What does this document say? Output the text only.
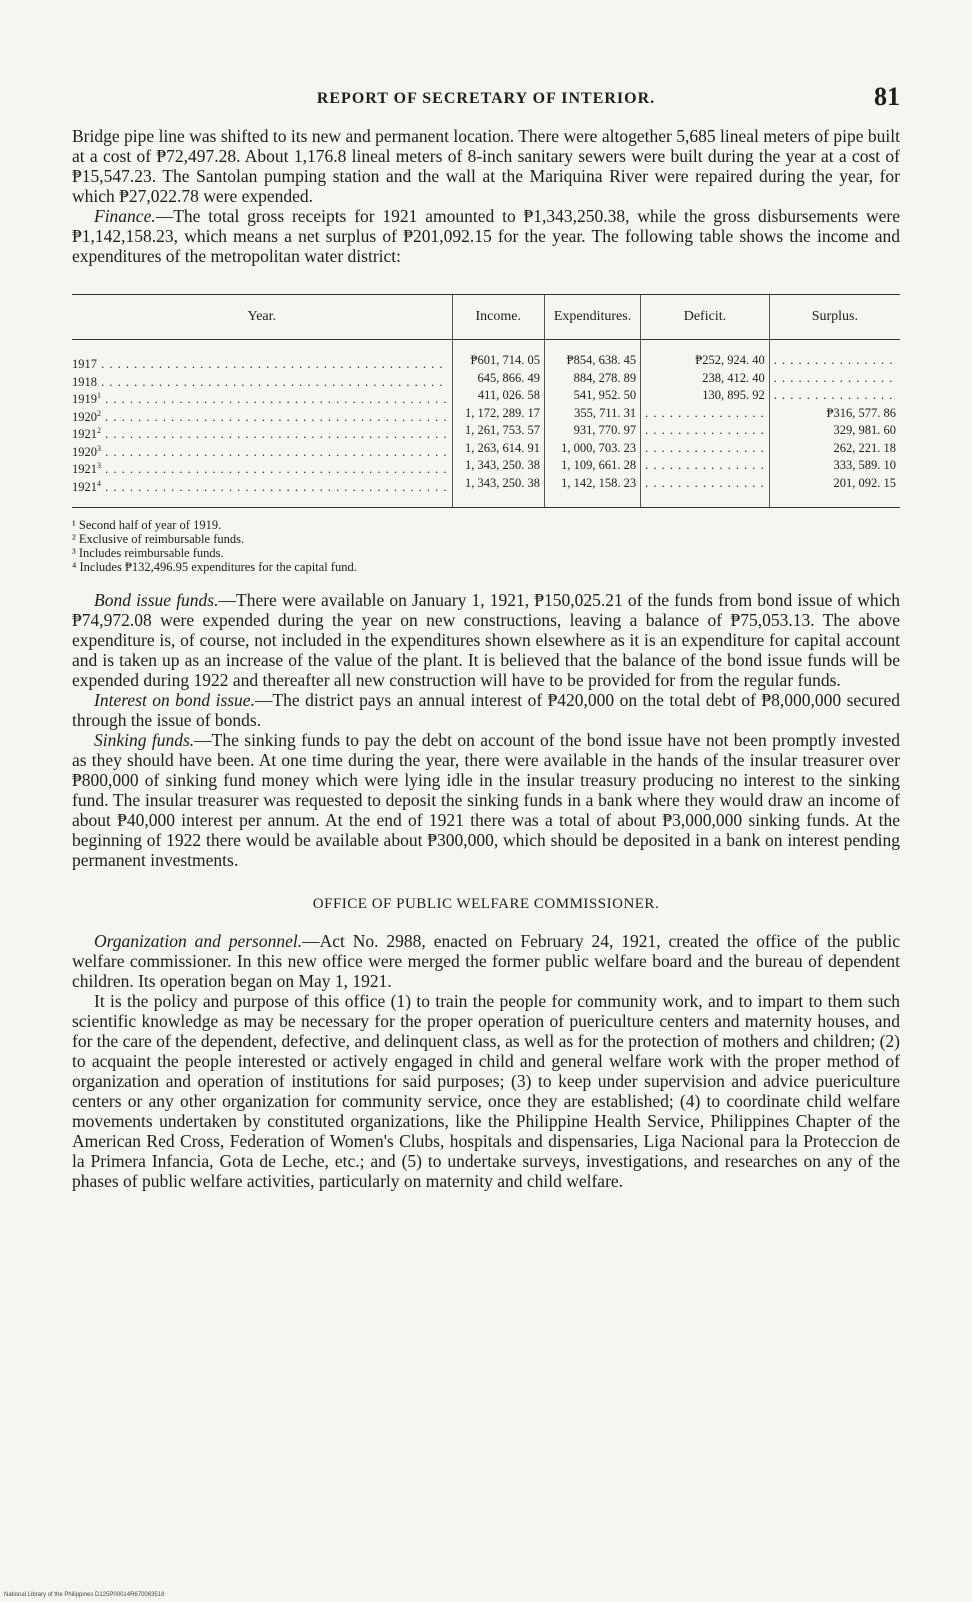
REPORT OF SECRETARY OF INTERIOR.	81

Bridge pipe line was shifted to its new and permanent location. There were altogether 5,685 lineal meters of pipe built at a cost of ₱72,497.28. About 1,176.8 lineal meters of 8-inch sanitary sewers were built during the year at a cost of ₱15,547.23. The Santolan pumping station and the wall at the Mariquina River were repaired during the year, for which ₱27,022.78 were expended.

Finance.—The total gross receipts for 1921 amounted to ₱1,343,250.38, while the gross disbursements were ₱1,142,158.23, which means a net surplus of ₱201,092.15 for the year. The following table shows the income and expenditures of the metropolitan water district:

Year.	Income.	Expenditures.	Deficit.	Surplus.

1917 . . . . . . . . . . . . . . . . . . . . . . . . . . . . . . . . . . . . . . . . . .	₱601, 714. 05	₱854, 638. 45	₱252, 924. 40	. . . . . . . . . . . . . . .
1918 . . . . . . . . . . . . . . . . . . . . . . . . . . . . . . . . . . . . . . . . . .	645, 866. 49	884, 278. 89	238, 412. 40	. . . . . . . . . . . . . . .
1919$^1$ . . . . . . . . . . . . . . . . . . . . . . . . . . . . . . . . . . . . . . . . . .	411, 026. 58	541, 952. 50	130, 895. 92	. . . . . . . . . . . . . . .
1920$^2$ . . . . . . . . . . . . . . . . . . . . . . . . . . . . . . . . . . . . . . . . . .	1, 172, 289. 17	355, 711. 31	. . . . . . . . . . . . . . .	₱316, 577. 86
1921$^2$ . . . . . . . . . . . . . . . . . . . . . . . . . . . . . . . . . . . . . . . . . .	1, 261, 753. 57	931, 770. 97	. . . . . . . . . . . . . . .	329, 981. 60
1920$^3$ . . . . . . . . . . . . . . . . . . . . . . . . . . . . . . . . . . . . . . . . . .	1, 263, 614. 91	1, 000, 703. 23	. . . . . . . . . . . . . . .	262, 221. 18
1921$^3$ . . . . . . . . . . . . . . . . . . . . . . . . . . . . . . . . . . . . . . . . . .	1, 343, 250. 38	1, 109, 661. 28	. . . . . . . . . . . . . . .	333, 589. 10
1921$^4$ . . . . . . . . . . . . . . . . . . . . . . . . . . . . . . . . . . . . . . . . . .	1, 343, 250. 38	1, 142, 158. 23	. . . . . . . . . . . . . . .	201, 092. 15
¹ Second half of year of 1919.
² Exclusive of reimbursable funds.
³ Includes reimbursable funds.
⁴ Includes ₱132,496.95 expenditures for the capital fund.

Bond issue funds.—There were available on January 1, 1921, ₱150,025.21 of the funds from bond issue of which ₱74,972.08 were expended during the year on new constructions, leaving a balance of ₱75,053.13. The above expenditure is, of course, not included in the expenditures shown elsewhere as it is an expenditure for capital account and is taken up as an increase of the value of the plant. It is believed that the balance of the bond issue funds will be expended during 1922 and thereafter all new construction will have to be provided for from the regular funds.

Interest on bond issue.—The district pays an annual interest of ₱420,000 on the total debt of ₱8,000,000 secured through the issue of bonds.

Sinking funds.—The sinking funds to pay the debt on account of the bond issue have not been promptly invested as they should have been. At one time during the year, there were available in the hands of the insular treasurer over ₱800,000 of sinking fund money which were lying idle in the insular treasury producing no interest to the sinking fund. The insular treasurer was requested to deposit the sinking funds in a bank where they would draw an income of about ₱40,000 interest per annum. At the end of 1921 there was a total of about ₱3,000,000 sinking funds. At the beginning of 1922 there would be available about ₱300,000, which should be deposited in a bank on interest pending permanent investments.

OFFICE OF PUBLIC WELFARE COMMISSIONER.

Organization and personnel.—Act No. 2988, enacted on February 24, 1921, created the office of the public welfare commissioner. In this new office were merged the former public welfare board and the bureau of dependent children. Its operation began on May 1, 1921.

It is the policy and purpose of this office (1) to train the people for community work, and to impart to them such scientific knowledge as may be necessary for the proper operation of puericulture centers and maternity houses, and for the care of the dependent, defective, and delinquent class, as well as for the protection of mothers and children; (2) to acquaint the people interested or actively engaged in child and general welfare work with the proper method of organization and operation of institutions for said purposes; (3) to keep under supervision and advice puericulture centers or any other organization for community service, once they are established; (4) to coordinate child welfare movements undertaken by constituted organizations, like the Philippine Health Service, Philippines Chapter of the American Red Cross, Federation of Women's Clubs, hospitals and dispensaries, Liga Nacional para la Proteccion de la Primera Infancia, Gota de Leche, etc.; and (5) to undertake surveys, investigations, and researches on any of the phases of public welfare activities, particularly on maternity and child welfare.

National Library of the Philippines D125P00014R670063518
